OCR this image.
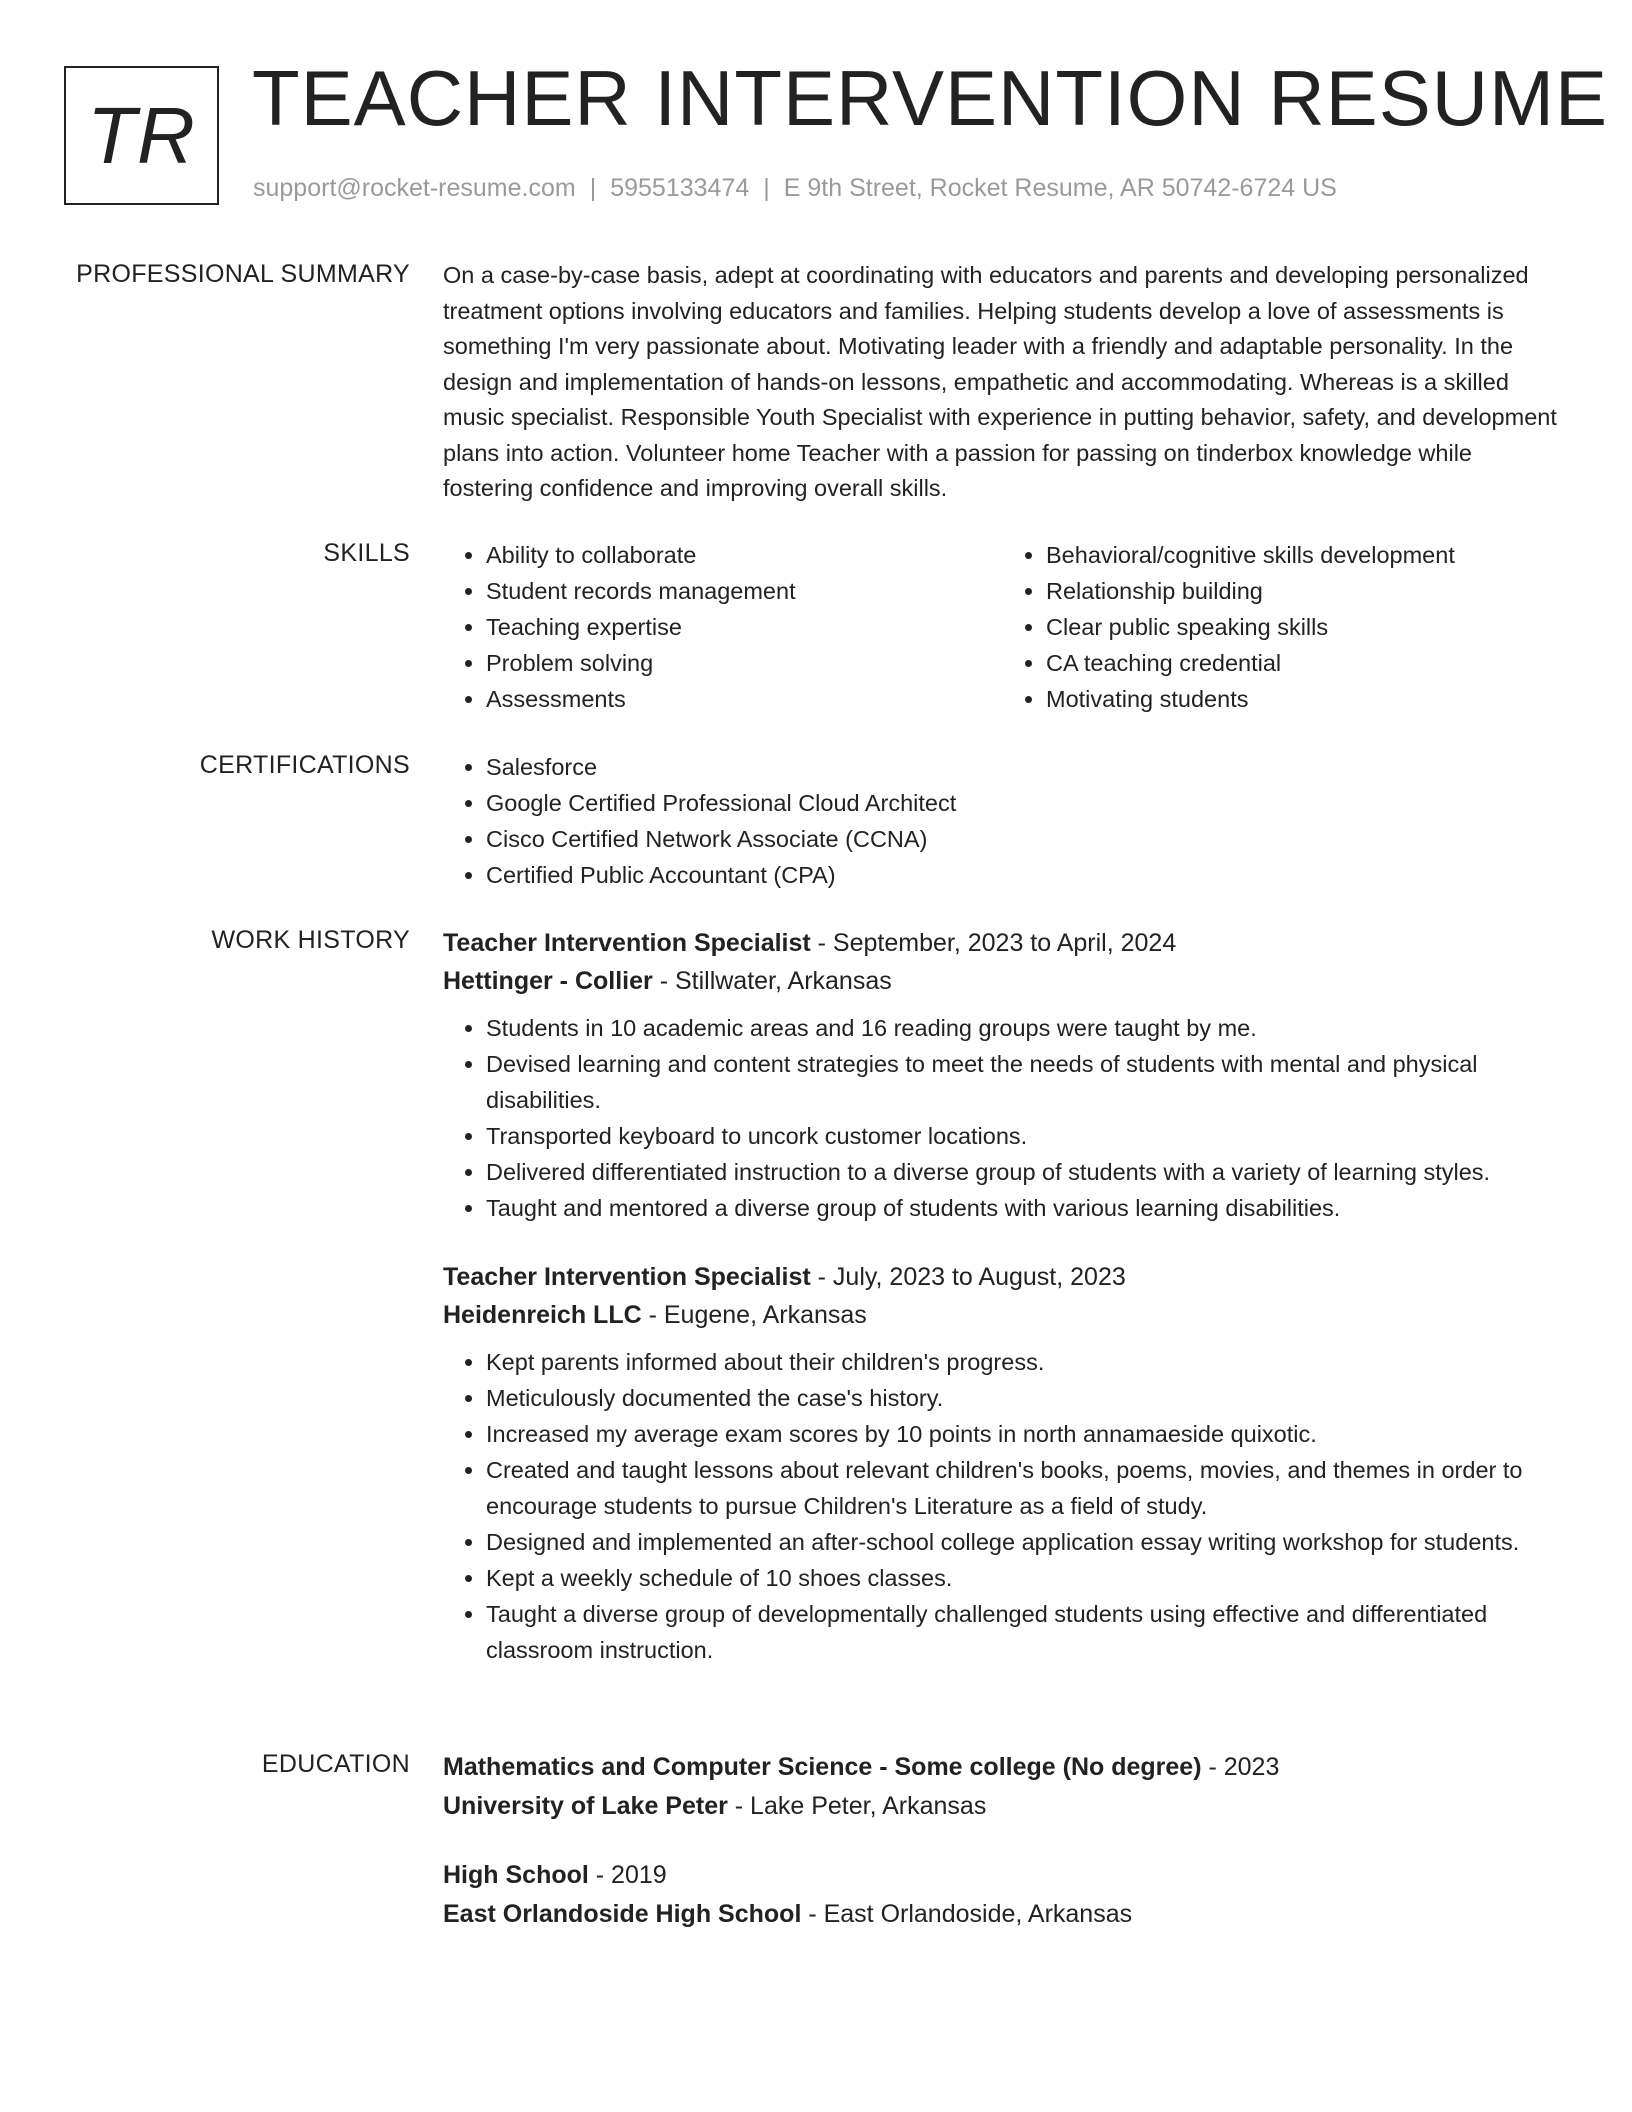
TR TEACHER INTERVENTION RESUME
support@rocket-resume.com | 5955133474 | E 9th Street, Rocket Resume, AR 50742-6724 US
PROFESSIONAL SUMMARY On a case-by-case basis, adept at coordinating with educators and parents and developing personalized treatment options involving educators and families. Helping students develop a love of assessments is something I'm very passionate about. Motivating leader with a friendly and adaptable personality. In the design and implementation of hands-on lessons, empathetic and accommodating. Whereas is a skilled music specialist. Responsible Youth Specialist with experience in putting behavior, safety, and development plans into action. Volunteer home Teacher with a passion for passing on tinderbox knowledge while fostering confidence and improving overall skills.

SKILLS	• Ability to collaborate
• Student records management
• Teaching expertise
• Problem solving
• Assessments
• Behavioral/cognitive skills development
• Relationship building
• Clear public speaking skills
• CA teaching credential
• Motivating students
CERTIFICATIONS	• Salesforce
• Google Certified Professional Cloud Architect
• Cisco Certified Network Associate (CCNA)
• Certified Public Accountant (CPA)
WORK HISTORY Teacher Intervention Specialist - September, 2023 to April, 2024
Hettinger - Collier - Stillwater, Arkansas
• Students in 10 academic areas and 16 reading groups were taught by me.
• Devised learning and content strategies to meet the needs of students with mental and physical disabilities.
• Transported keyboard to uncork customer locations.
• Delivered differentiated instruction to a diverse group of students with a variety of learning styles.
• Taught and mentored a diverse group of students with various learning disabilities.
Teacher Intervention Specialist - July, 2023 to August, 2023
Heidenreich LLC - Eugene, Arkansas
• Kept parents informed about their children's progress.
• Meticulously documented the case's history.
• Increased my average exam scores by 10 points in north annamaeside quixotic.
• Created and taught lessons about relevant children's books, poems, movies, and themes in order to encourage students to pursue Children's Literature as a field of study.
• Designed and implemented an after-school college application essay writing workshop for students.
• Kept a weekly schedule of 10 shoes classes.
• Taught a diverse group of developmentally challenged students using effective and differentiated classroom instruction.
EDUCATION Mathematics and Computer Science - Some college (No degree) - 2023
University of Lake Peter - Lake Peter, Arkansas
High School - 2019
East Orlandoside High School - East Orlandoside, Arkansas
